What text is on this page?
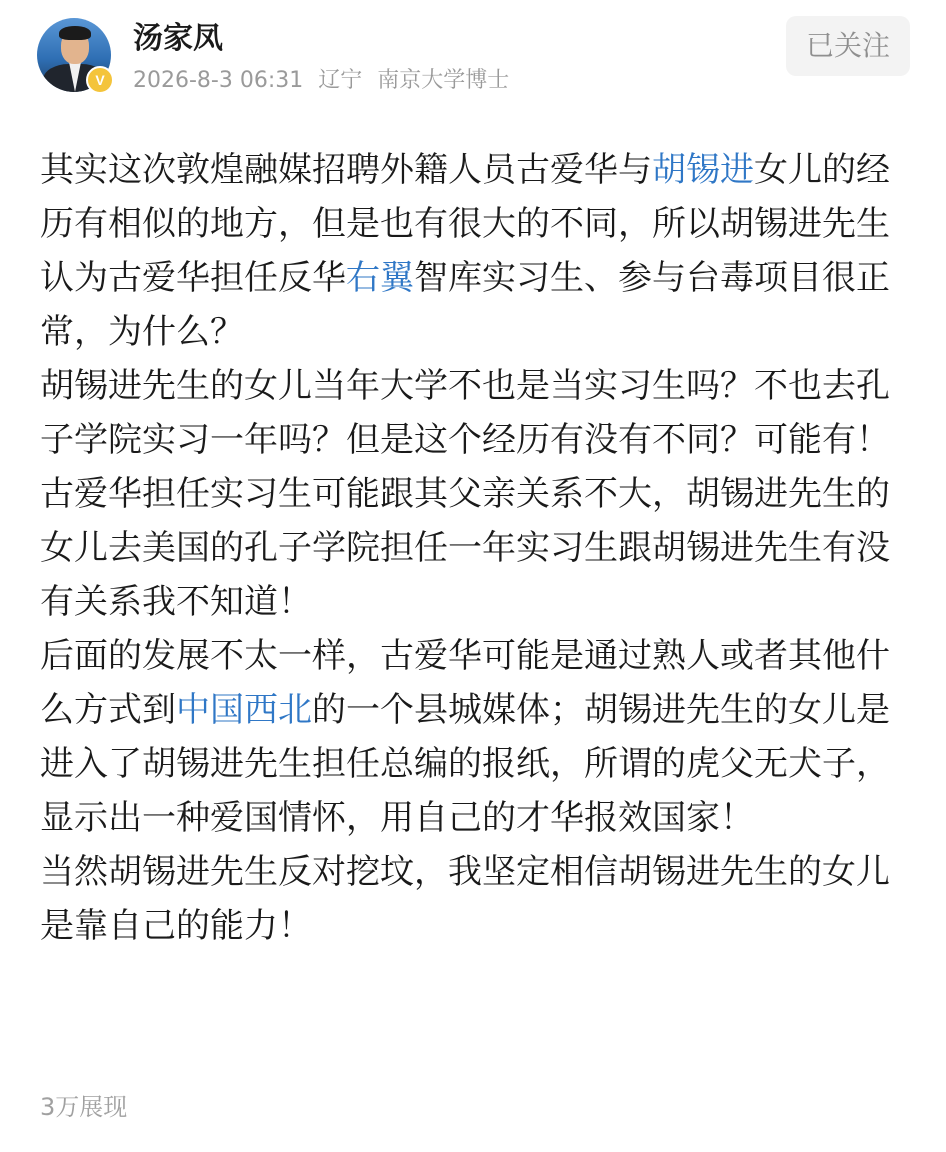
V
汤家凤
2026-8-3 06:31 辽宁 南京大学博士
已关注

其实这次敦煌融媒招聘外籍人员古爱华与胡锡进女儿的经历有相似的地方，但是也有很大的不同，所以胡锡进先生认为古爱华担任反华右翼智库实习生、参与台毒项目很正常，为什么？

胡锡进先生的女儿当年大学不也是当实习生吗？不也去孔子学院实习一年吗？但是这个经历有没有不同？可能有！古爱华担任实习生可能跟其父亲关系不大，胡锡进先生的女儿去美国的孔子学院担任一年实习生跟胡锡进先生有没有关系我不知道！

后面的发展不太一样，古爱华可能是通过熟人或者其他什么方式到中国西北的一个县城媒体；胡锡进先生的女儿是进入了胡锡进先生担任总编的报纸，所谓的虎父无犬子，显示出一种爱国情怀，用自己的才华报效国家！

当然胡锡进先生反对挖坟，我坚定相信胡锡进先生的女儿是靠自己的能力！

3万展现
